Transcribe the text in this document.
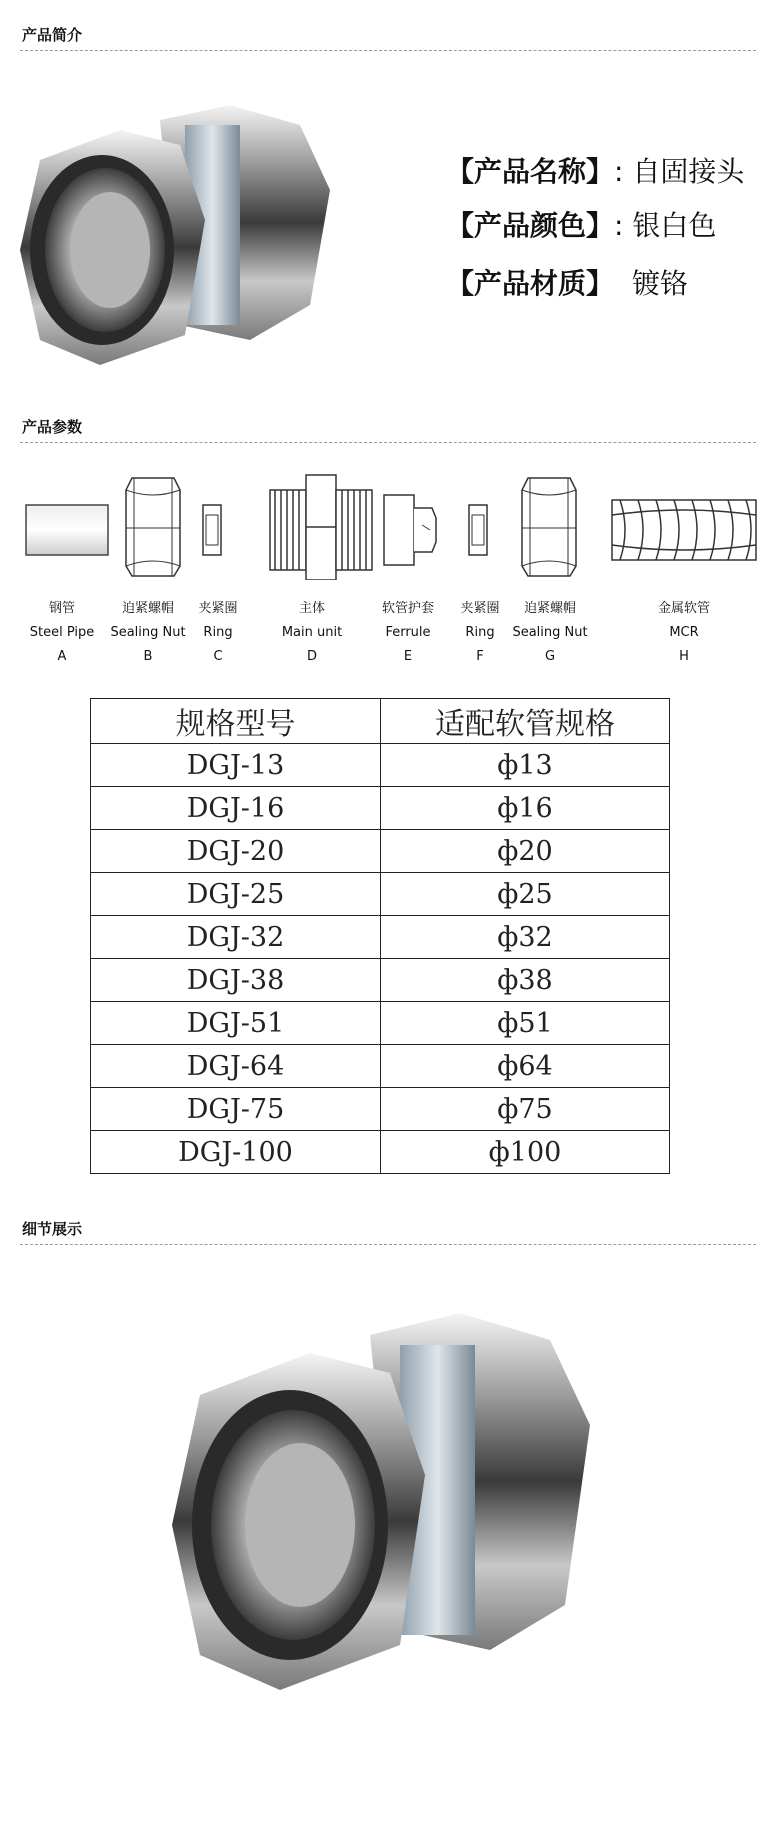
产品简介
【产品名称】: 自固接头
【产品颜色】: 银白色
【产品材质】 镀铬
产品参数
钢管
Steel Pipe
A
迫紧螺帽
Sealing Nut
B
夹紧圈
Ring
C
主体
Main unit
D
软管护套
Ferrule
E
夹紧圈
Ring
F
迫紧螺帽
Sealing Nut
G
金属软管
MCR
H
规格型号	适配软管规格
DGJ-13	ф13
DGJ-16	ф16
DGJ-20	ф20
DGJ-25	ф25
DGJ-32	ф32
DGJ-38	ф38
DGJ-51	ф51
DGJ-64	ф64
DGJ-75	ф75
DGJ-100	ф100
细节展示
